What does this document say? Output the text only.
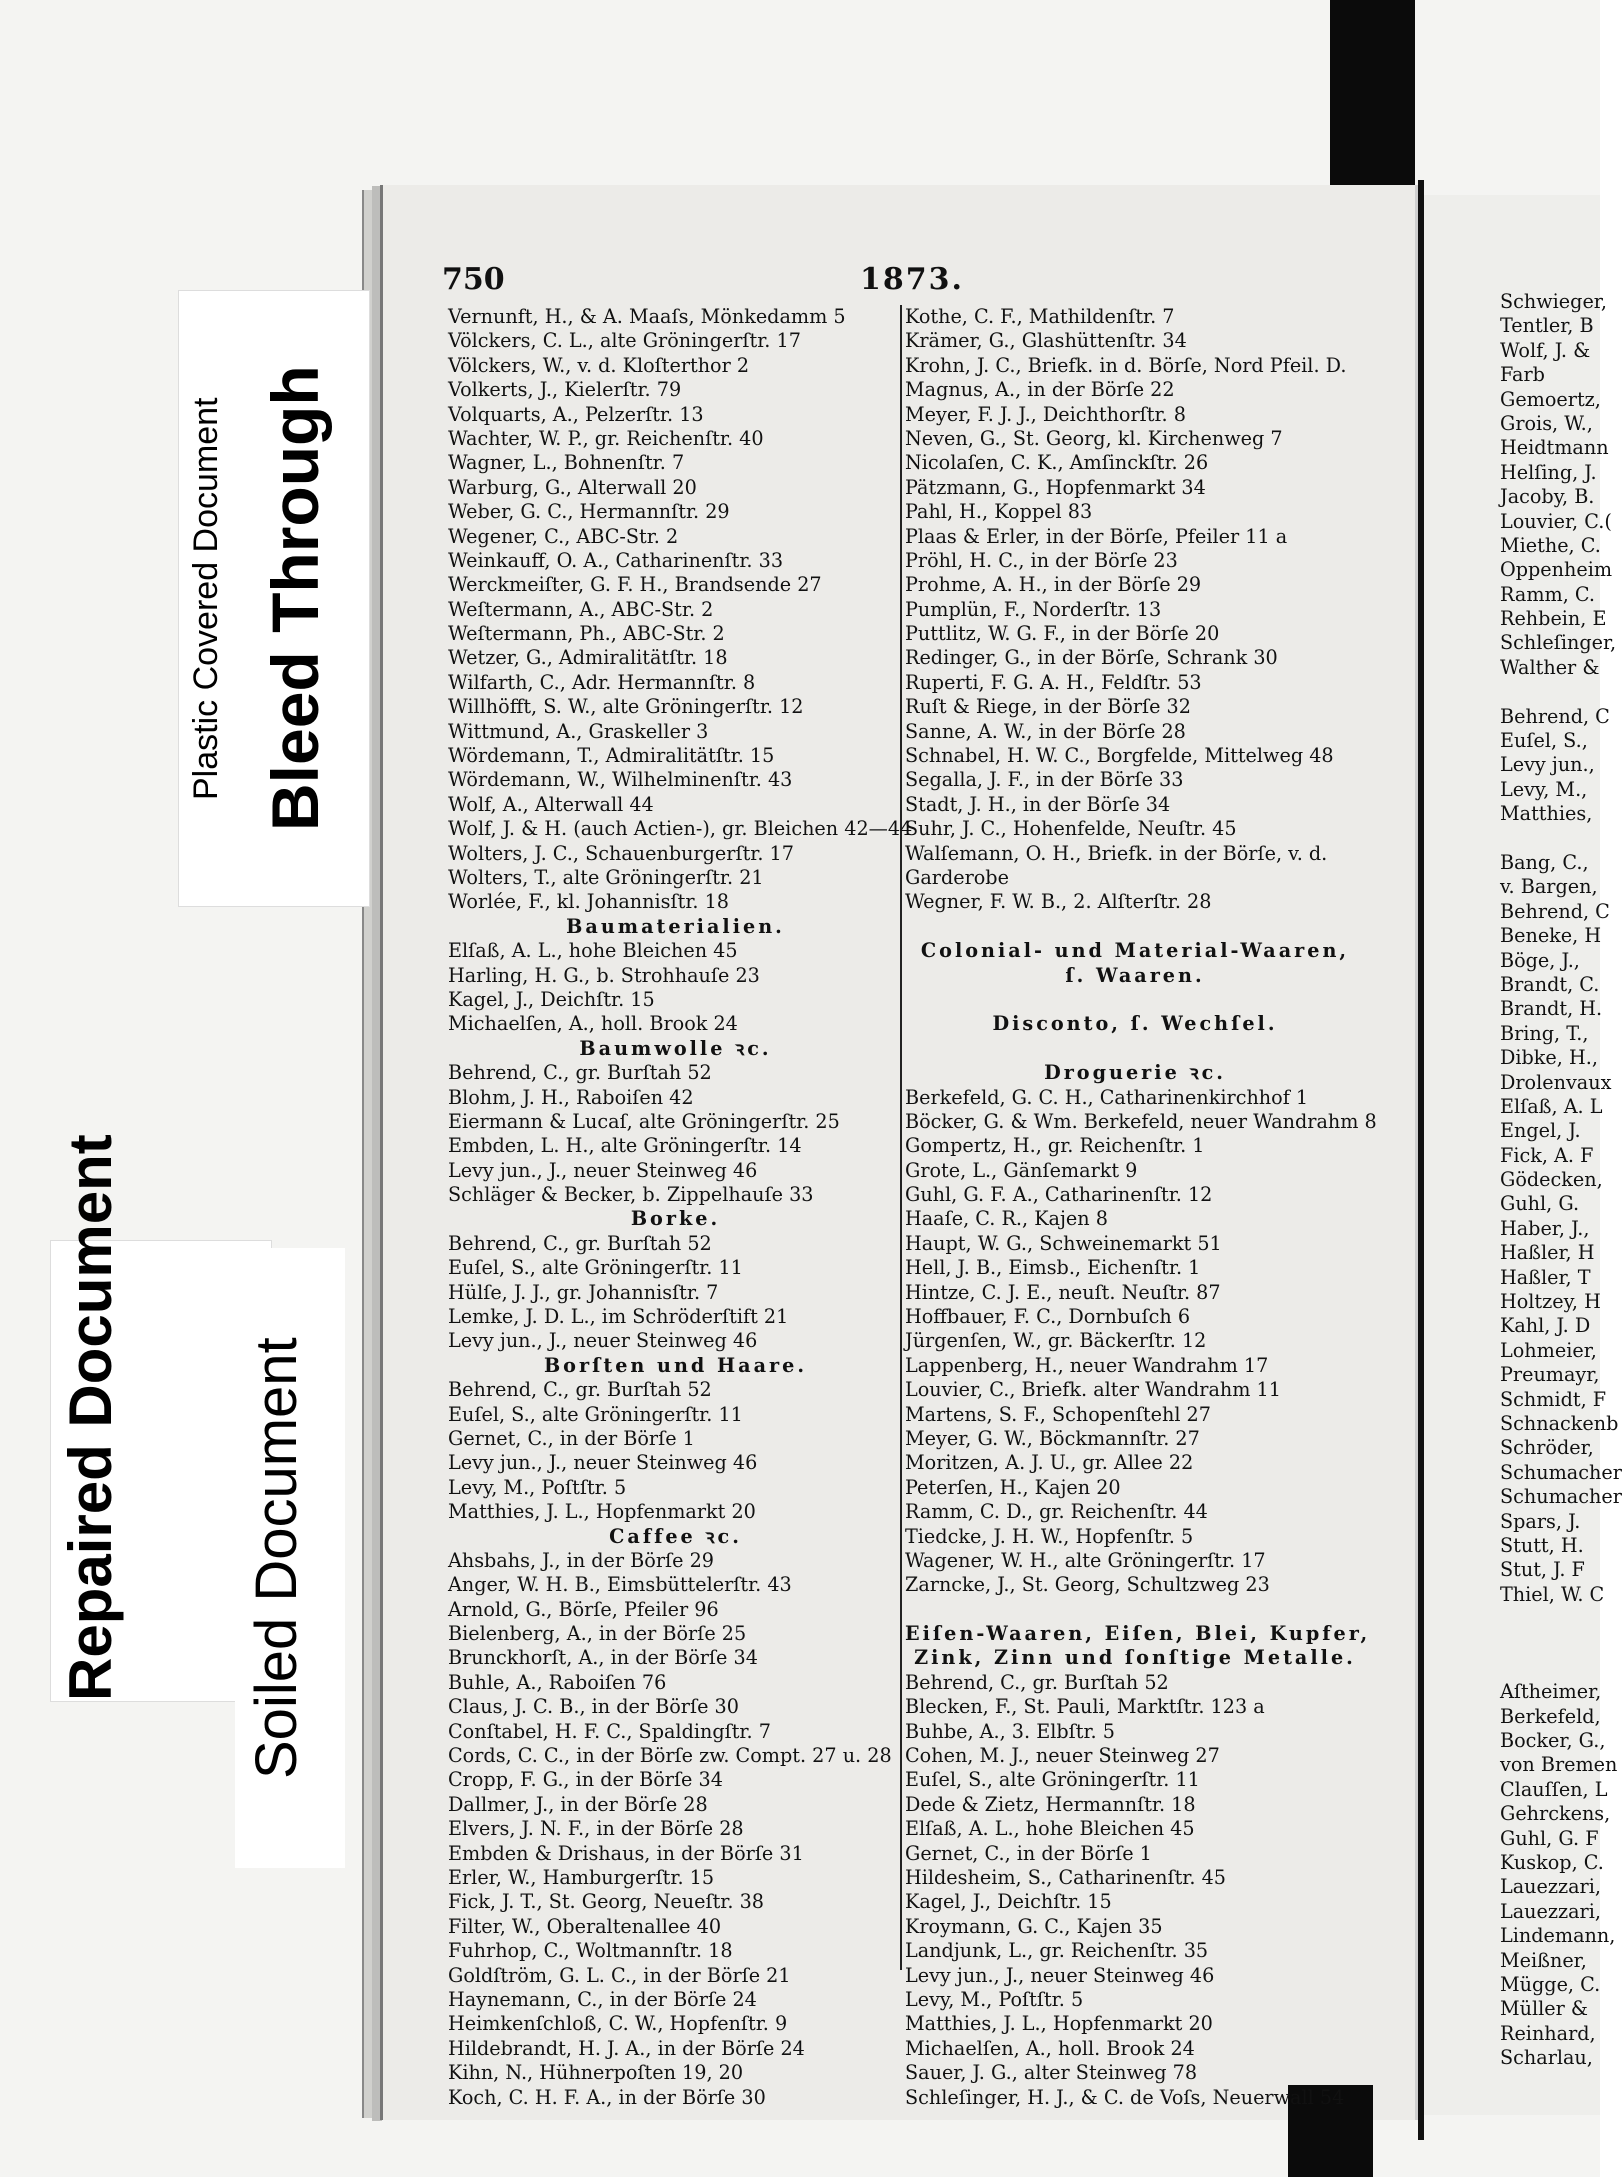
Plastic Covered Document Bleed Through
Repaired Document Soiled Document
750	1873.
Vernunft, H., & A. Maaſs, Mönkedamm 5
Völckers, C. L., alte Gröningerſtr. 17
Völckers, W., v. d. Kloſterthor 2
Volkerts, J., Kielerſtr. 79
Volquarts, A., Pelzerſtr. 13
Wachter, W. P., gr. Reichenſtr. 40
Wagner, L., Bohnenſtr. 7
Warburg, G., Alterwall 20
Weber, G. C., Hermannſtr. 29
Wegener, C., ABC-Str. 2
Weinkauff, O. A., Catharinenſtr. 33
Werckmeiſter, G. F. H., Brandsende 27
Weſtermann, A., ABC-Str. 2
Weſtermann, Ph., ABC-Str. 2
Wetzer, G., Admiralitätſtr. 18
Wilfarth, C., Adr. Hermannſtr. 8
Willhöfft, S. W., alte Gröningerſtr. 12
Wittmund, A., Graskeller 3
Wördemann, T., Admiralitätſtr. 15
Wördemann, W., Wilhelminenſtr. 43
Wolf, A., Alterwall 44
Wolf, J. & H. (auch Actien-), gr. Bleichen 42—44
Wolters, J. C., Schauenburgerſtr. 17
Wolters, T., alte Gröningerſtr. 21
Worlée, F., kl. Johannisſtr. 18
Baumaterialien.
Elſaß, A. L., hohe Bleichen 45
Harling, H. G., b. Strohhauſe 23
Kagel, J., Deichſtr. 15
Michaelſen, A., holl. Brook 24
Baumwolle ꝛc.
Behrend, C., gr. Burſtah 52
Blohm, J. H., Raboiſen 42
Eiermann & Lucaſ, alte Gröningerſtr. 25
Embden, L. H., alte Gröningerſtr. 14
Levy jun., J., neuer Steinweg 46
Schläger & Becker, b. Zippelhauſe 33
Borke.
Behrend, C., gr. Burſtah 52
Euſel, S., alte Gröningerſtr. 11
Hülſe, J. J., gr. Johannisſtr. 7
Lemke, J. D. L., im Schröderſtift 21
Levy jun., J., neuer Steinweg 46
Borſten und Haare.
Behrend, C., gr. Burſtah 52
Euſel, S., alte Gröningerſtr. 11
Gernet, C., in der Börſe 1
Levy jun., J., neuer Steinweg 46
Levy, M., Poſtſtr. 5
Matthies, J. L., Hopfenmarkt 20
Caffee ꝛc.
Ahsbahs, J., in der Börſe 29
Anger, W. H. B., Eimsbüttelerſtr. 43
Arnold, G., Börſe, Pfeiler 96
Bielenberg, A., in der Börſe 25
Brunckhorſt, A., in der Börſe 34
Buhle, A., Raboiſen 76
Claus, J. C. B., in der Börſe 30
Conſtabel, H. F. C., Spaldingſtr. 7
Cords, C. C., in der Börſe zw. Compt. 27 u. 28
Cropp, F. G., in der Börſe 34
Dallmer, J., in der Börſe 28
Elvers, J. N. F., in der Börſe 28
Embden & Drishaus, in der Börſe 31
Erler, W., Hamburgerſtr. 15
Fick, J. T., St. Georg, Neueſtr. 38
Filter, W., Oberaltenallee 40
Fuhrhop, C., Woltmannſtr. 18
Goldſtröm, G. L. C., in der Börſe 21
Haynemann, C., in der Börſe 24
Heimkenſchloß, C. W., Hopfenſtr. 9
Hildebrandt, H. J. A., in der Börſe 24
Kihn, N., Hühnerpoſten 19, 20
Koch, C. H. F. A., in der Börſe 30
Kothe, C. F., Mathildenſtr. 7
Krämer, G., Glashüttenſtr. 34
Krohn, J. C., Briefk. in d. Börſe, Nord Pfeil. D.
Magnus, A., in der Börſe 22
Meyer, F. J. J., Deichthorſtr. 8
Neven, G., St. Georg, kl. Kirchenweg 7
Nicolaſen, C. K., Amſinckſtr. 26
Pätzmann, G., Hopfenmarkt 34
Pahl, H., Koppel 83
Plaas & Erler, in der Börſe, Pfeiler 11 a
Pröhl, H. C., in der Börſe 23
Prohme, A. H., in der Börſe 29
Pumplün, F., Norderſtr. 13
Puttlitz, W. G. F., in der Börſe 20
Redinger, G., in der Börſe, Schrank 30
Ruperti, F. G. A. H., Feldſtr. 53
Ruſt & Riege, in der Börſe 32
Sanne, A. W., in der Börſe 28
Schnabel, H. W. C., Borgfelde, Mittelweg 48
Segalla, J. F., in der Börſe 33
Stadt, J. H., in der Börſe 34
Suhr, J. C., Hohenfelde, Neuſtr. 45
Walſemann, O. H., Briefk. in der Börſe, v. d.
Garderobe
Wegner, F. W. B., 2. Alſterſtr. 28
Colonial- und Material-Waaren,
ſ. Waaren.
Disconto, ſ. Wechſel.
Droguerie ꝛc.
Berkefeld, G. C. H., Catharinenkirchhof 1
Böcker, G. & Wm. Berkefeld, neuer Wandrahm 8
Gompertz, H., gr. Reichenſtr. 1
Grote, L., Gänſemarkt 9
Guhl, G. F. A., Catharinenſtr. 12
Haaſe, C. R., Kajen 8
Haupt, W. G., Schweinemarkt 51
Hell, J. B., Eimsb., Eichenſtr. 1
Hintze, C. J. E., neuſt. Neuſtr. 87
Hoffbauer, F. C., Dornbuſch 6
Jürgenſen, W., gr. Bäckerſtr. 12
Lappenberg, H., neuer Wandrahm 17
Louvier, C., Briefk. alter Wandrahm 11
Martens, S. F., Schopenſtehl 27
Meyer, G. W., Böckmannſtr. 27
Moritzen, A. J. U., gr. Allee 22
Peterſen, H., Kajen 20
Ramm, C. D., gr. Reichenſtr. 44
Tiedcke, J. H. W., Hopfenſtr. 5
Wagener, W. H., alte Gröningerſtr. 17
Zarncke, J., St. Georg, Schultzweg 23
Eiſen-Waaren, Eiſen, Blei, Kupfer,
Zink, Zinn und ſonſtige Metalle.
Behrend, C., gr. Burſtah 52
Blecken, F., St. Pauli, Marktſtr. 123 a
Buhbe, A., 3. Elbſtr. 5
Cohen, M. J., neuer Steinweg 27
Euſel, S., alte Gröningerſtr. 11
Dede & Zietz, Hermannſtr. 18
Elſaß, A. L., hohe Bleichen 45
Gernet, C., in der Börſe 1
Hildesheim, S., Catharinenſtr. 45
Kagel, J., Deichſtr. 15
Kroymann, G. C., Kajen 35
Landjunk, L., gr. Reichenſtr. 35
Levy jun., J., neuer Steinweg 46
Levy, M., Poſtſtr. 5
Matthies, J. L., Hopfenmarkt 20
Michaelſen, A., holl. Brook 24
Sauer, J. G., alter Steinweg 78
Schleſinger, H. J., & C. de Voſs, Neuerwall 54
Schwieger,
Tentler, B
Wolf, J. &
Farb
Gemoertz,
Grois, W.,
Heidtmann
Helſing, J.
Jacoby, B.
Louvier, C.(
Miethe, C.
Oppenheim
Ramm, C.
Rehbein, E
Schleſinger,
Walther &
Behrend, C
Euſel, S.,
Levy jun.,
Levy, M.,
Matthies,
Bang, C.,
v. Bargen,
Behrend, C
Beneke, H
Böge, J.,
Brandt, C.
Brandt, H.
Bring, T.,
Dibke, H.,
Drolenvaux
Elſaß, A. L
Engel, J.
Fick, A. F
Gödecken,
Guhl, G.
Haber, J.,
Haßler, H
Haßler, T
Holtzey, H
Kahl, J. D
Lohmeier,
Preumayr,
Schmidt, F
Schnackenb
Schröder,
Schumacher
Schumacher
Spars, J.
Stutt, H.
Stut, J. F
Thiel, W. C
Aſtheimer,
Berkefeld,
Bocker, G.,
von Bremen
Clauſſen, L
Gehrckens,
Guhl, G. F
Kuskop, C.
Lauezzari,
Lauezzari,
Lindemann,
Meißner,
Mügge, C.
Müller &
Reinhard,
Scharlau,
